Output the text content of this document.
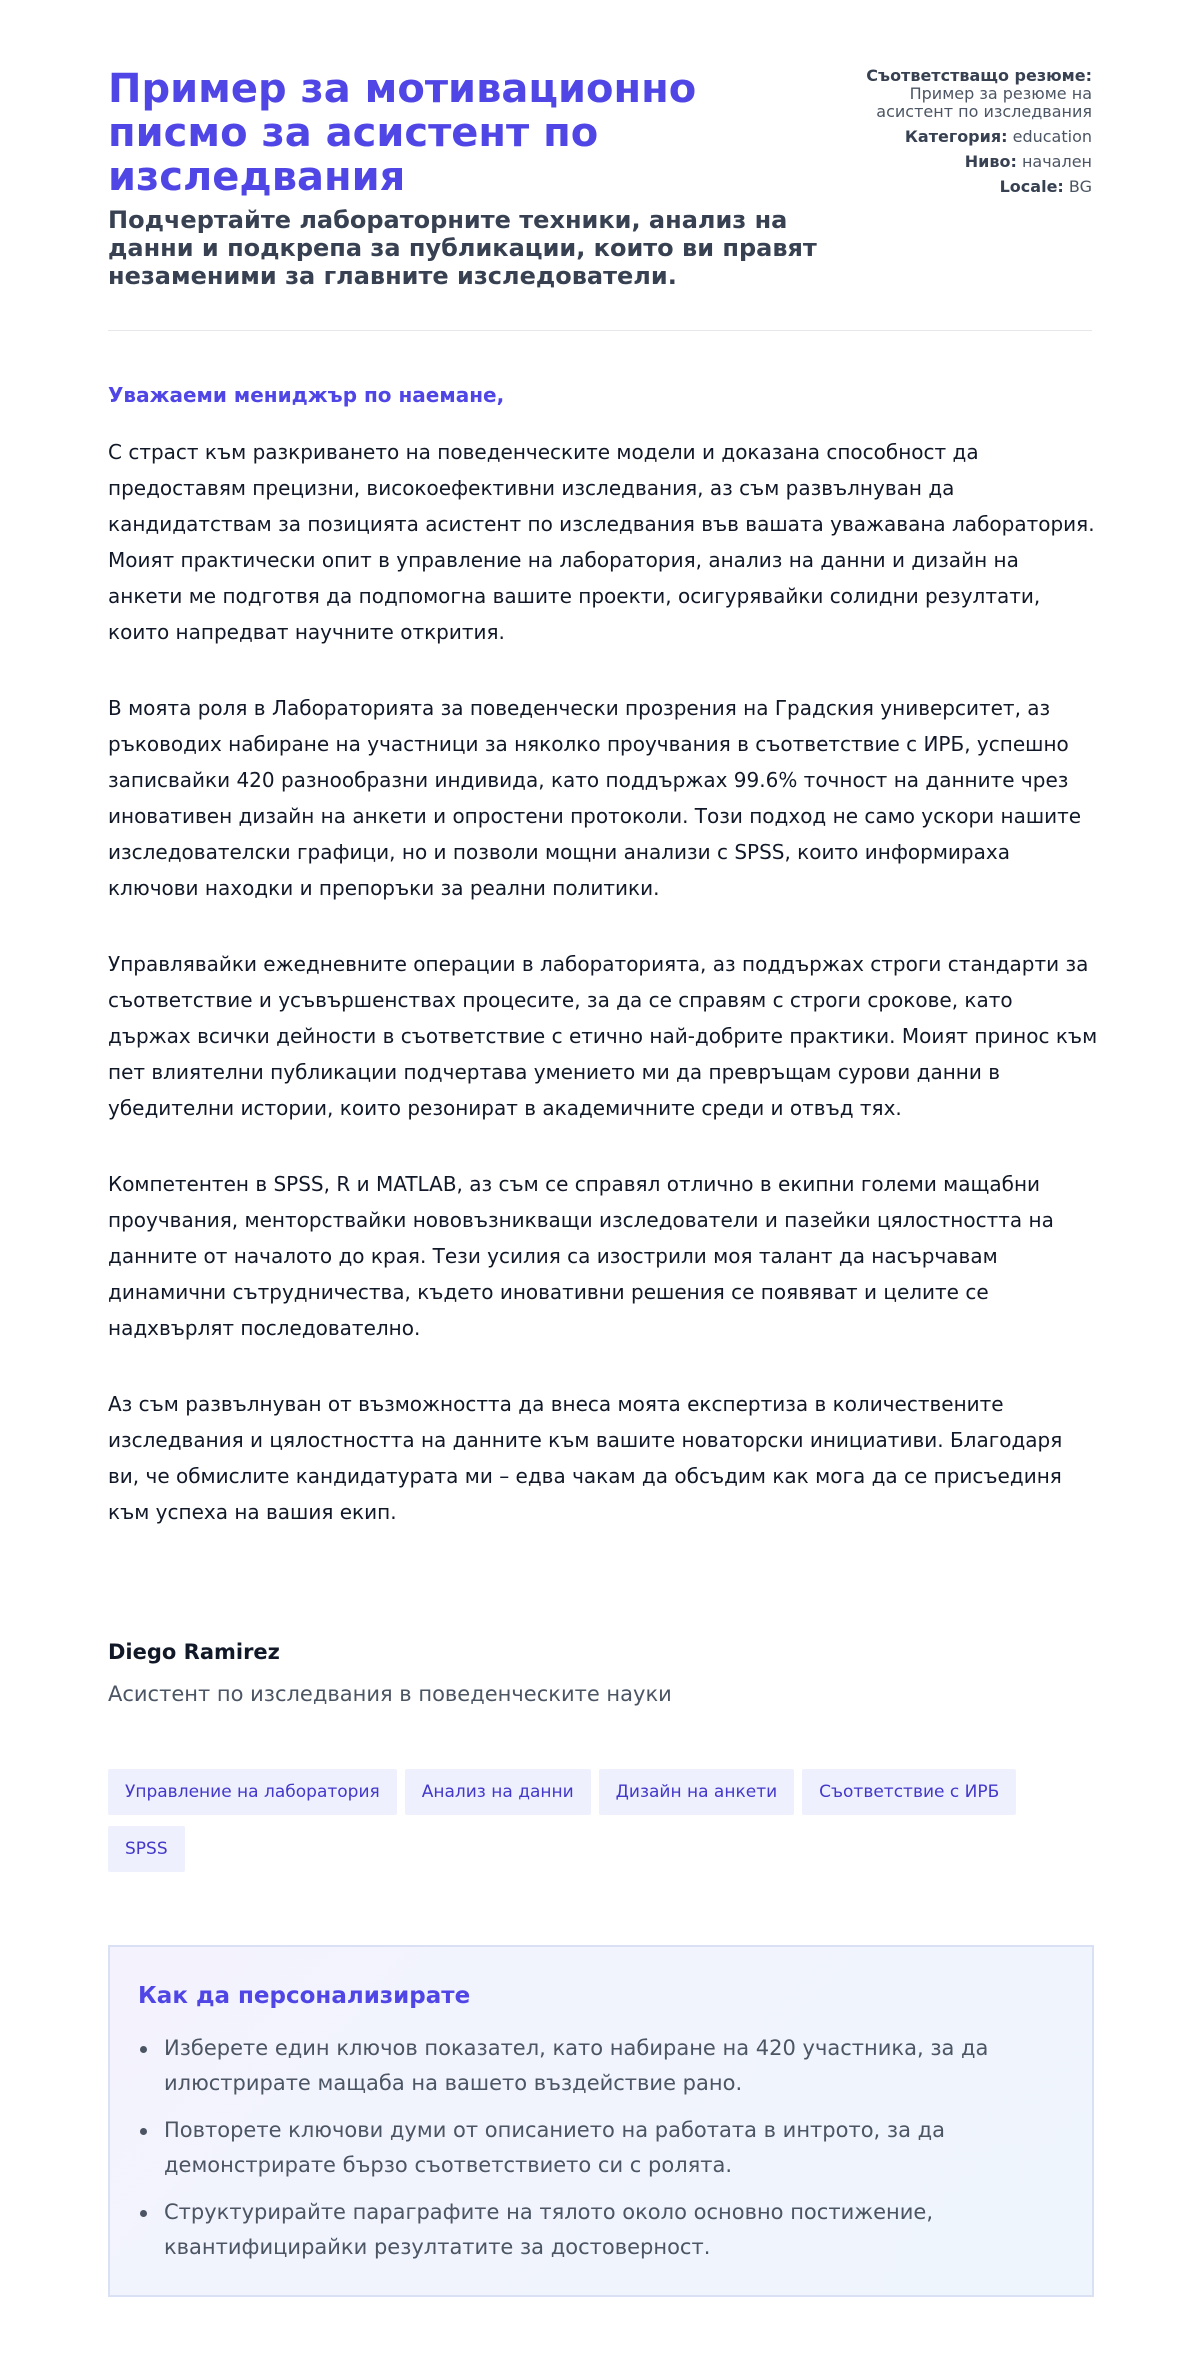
Пример за мотивационно писмо за асистент по изследвания
Подчертайте лабораторните техники, анализ на данни и подкрепа за публикации, които ви правят незаменими за главните изследователи.
Съответстващо резюме: Пример за резюме на асистент по изследвания
Категория: education
Ниво: начален
Locale: BG

Уважаеми мениджър по наемане,

С страст към разкриването на поведенческите модели и доказана способност да предоставям прецизни, високоефективни изследвания, аз съм развълнуван да кандидатствам за позицията асистент по изследвания във вашата уважавана лаборатория. Моият практически опит в управление на лаборатория, анализ на данни и дизайн на анкети ме подготвя да подпомогна вашите проекти, осигурявайки солидни резултати, които напредват научните открития.

В моята роля в Лабораторията за поведенчески прозрения на Градския университет, аз ръководих набиране на участници за няколко проучвания в съответствие с ИРБ, успешно записвайки 420 разнообразни индивида, като поддържах 99.6% точност на данните чрез иновативен дизайн на анкети и опростени протоколи. Този подход не само ускори нашите изследователски графици, но и позволи мощни анализи с SPSS, които информираха ключови находки и препоръки за реални политики.

Управлявайки ежедневните операции в лабораторията, аз поддържах строги стандарти за съответствие и усъвършенствах процесите, за да се справям с строги срокове, като държах всички дейности в съответствие с етично най-добрите практики. Моият принос към пет влиятелни публикации подчертава умението ми да превръщам сурови данни в убедителни истории, които резонират в академичните среди и отвъд тях.

Компетентен в SPSS, R и MATLAB, аз съм се справял отлично в екипни големи мащабни проучвания, менторствайки нововъзникващи изследователи и пазейки цялостността на данните от началото до края. Тези усилия са изострили моя талант да насърчавам динамични сътрудничества, където иновативни решения се появяват и целите се надхвърлят последователно.

Аз съм развълнуван от възможността да внеса моята експертиза в количествените изследвания и цялостността на данните към вашите новаторски инициативи. Благодаря ви, че обмислите кандидатурата ми – едва чакам да обсъдим как мога да се присъединя към успеха на вашия екип.

Diego Ramirez

Асистент по изследвания в поведенческите науки

Управление на лаборатория Анализ на данни Дизайн на анкети Съответствие с ИРБSPSS
Как да персонализирате
Изберете един ключов показател, като набиране на 420 участника, за да илюстрирате мащаба на вашето въздействие рано.
Повторете ключови думи от описанието на работата в интрото, за да демонстрирате бързо съответствието си с ролята.
Структурирайте параграфите на тялото около основно постижение, квантифицирайки резултатите за достоверност.
